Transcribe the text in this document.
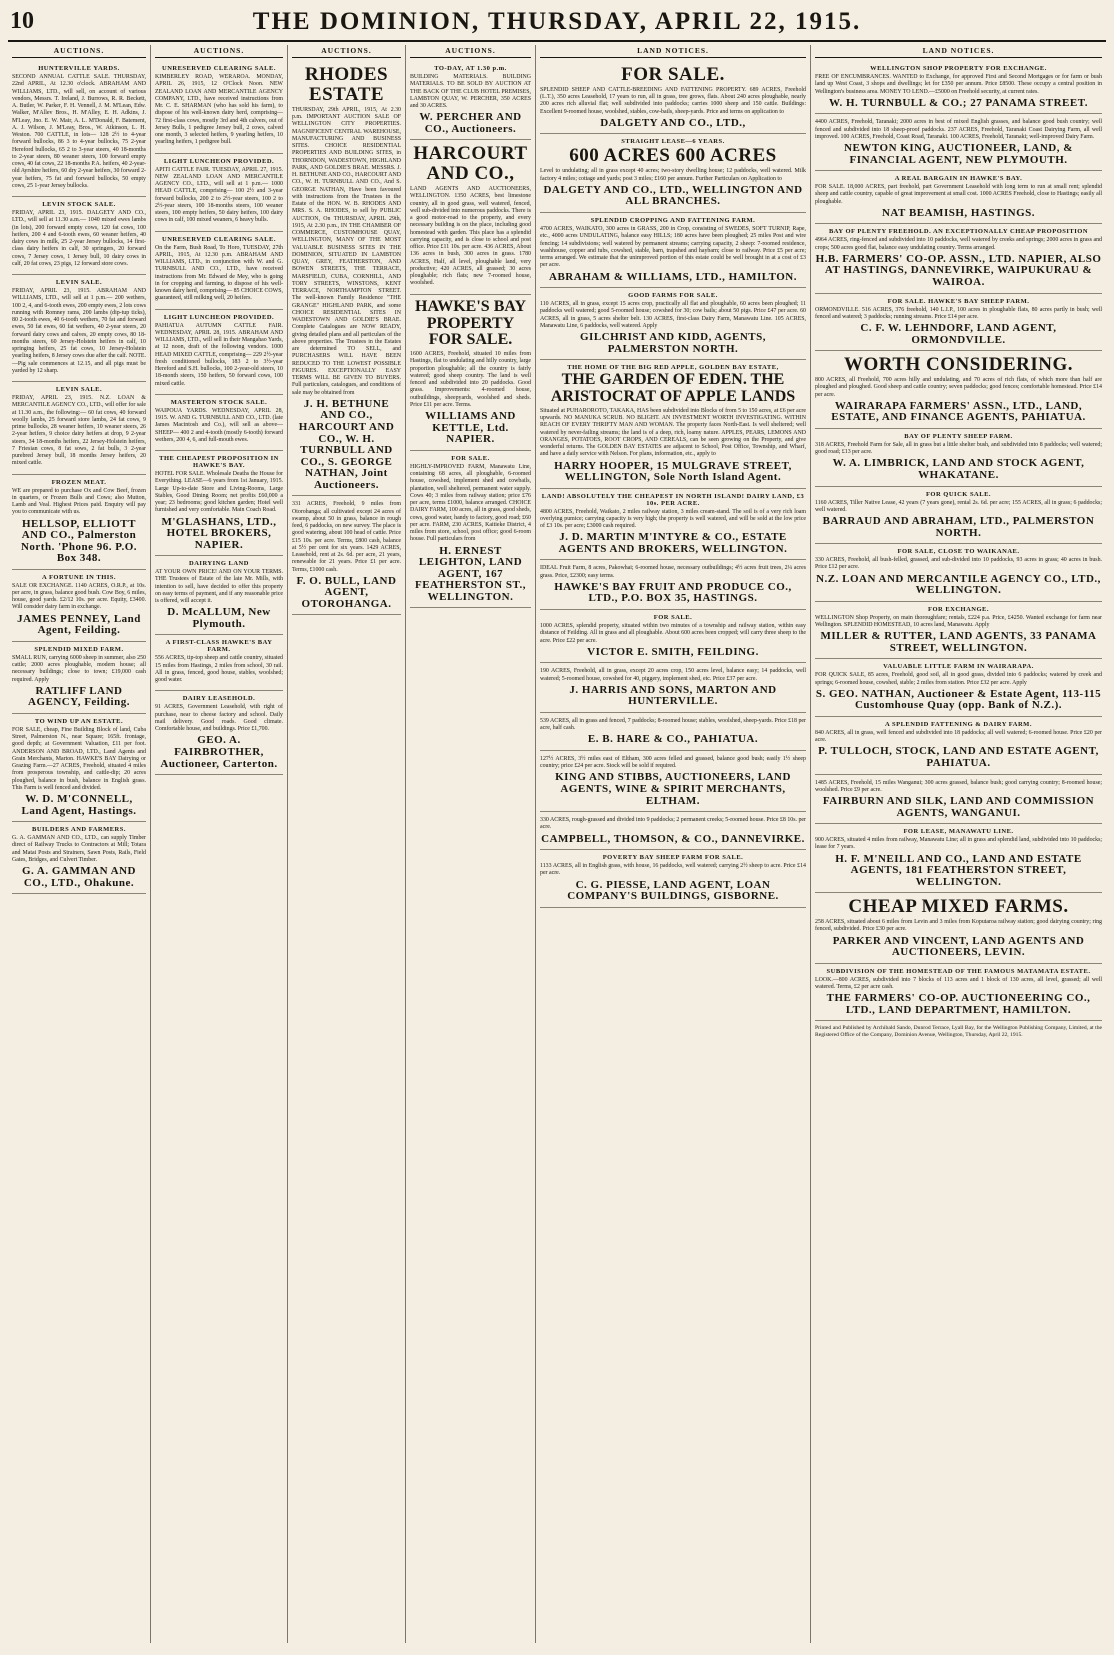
10	THE DOMINION, THURSDAY, APRIL 22, 1915.
AUCTIONS.
HUNTERVILLE YARDS.
SECOND ANNUAL CATTLE SALE. THURSDAY, 22nd APRIL, At 12.30 o'clock. ABRAHAM AND WILLIAMS, LTD., will sell, on account of various vendors, Messrs. T. Ireland, J. Burrows, R. R. Beckett, A. Butler, W. Parker, F. H. Vennell, J. M. M'Lean, Edw. Walker, M'Allev Bros., H. M'Alley, E. H. Adkins, J. M'Leay, Jno. E. W. Mair, A. L. M'Donald, F. Batement, A. J. Wilson, J. M'Leay, Bros., W. Atkinson, L. H. Weston. 700 CATTLE, in lots— 128 2½ to 4-year forward bullocks, 86 3 to 4-year bullocks, 75 2-year Hereford bullocks, 65 2 to 3-year steers, 40 18-months to 2-year steers, 80 weaner steers, 100 forward empty cows, 40 fat cows, 22 18-months P.A. heifers, 40 2-year-old Ayrshire heifers, 60 dry 2-year heifers, 30 forward 2-year heifers, 75 fat and forward bullocks, 50 empty cows, 25 1-year Jersey bullocks.
LEVIN STOCK SALE.
FRIDAY, APRIL 23, 1915. DALGETY AND CO., LTD., will sell at 11.30 a.m.— 1040 mixed ewes lambs (in lots), 200 forward empty cows, 120 fat cows, 100 heifers, 200 4 and 6-tooth ewes, 60 weaner heifers, 40 dairy cows in milk, 25 2-year Jersey bullocks, 14 first-class dairy heifers in calf, 30 springers, 20 forward cows, 7 Jersey cows, 1 Jersey bull, 10 dairy cows in calf, 20 fat cows, 23 pigs, 12 forward store cows.
LEVIN SALE.
FRIDAY, APRIL 23, 1915. ABRAHAM AND WILLIAMS, LTD., will sell at 1 p.m.— 200 wethers, 100 2, 4, and 6-tooth ewes, 200 empty ewes, 2 lots cows running with Romney rams, 200 lambs (dip-tup ticks), 80 2-tooth ewes, 40 6-tooth wethers, 70 fat and forward ewes, 50 fat ewes, 60 fat wethers, 40 2-year steers, 20 forward dairy cows and calves, 20 empty cows, 80 18-months steers, 60 Jersey-Holstein heifers in calf, 10 springing heifers, 25 fat cows, 10 Jersey-Holstein yearling heifers, 8 Jersey cows due after the calf. NOTE.—Pig sale commences at 12.15, and all pigs must be yarded by 12 sharp.
LEVIN SALE.
FRIDAY, APRIL 23, 1915. N.Z. LOAN & MERCANTILE AGENCY CO., LTD., will offer for sale at 11.30 a.m., the following:— 60 fat cows, 40 forward woolly lambs, 25 forward store lambs, 24 fat cows, 9 prime bullocks, 28 weaner heifers, 10 weaner steers, 26 2-year heifers, 9 choice dairy heifers at drop, 9 2-year steers, 34 18-months heifers, 22 Jersey-Holstein heifers, 7 Friesian cows, 8 fat sows, 2 fat bulls, 3 2-year purebred Jersey bull, 18 months Jersey heifers, 20 mixed cattle.
FROZEN MEAT.
WE are prepared to purchase Ox and Cow Beef, frozen in quarters, or Frozen Bulls and Cows; also Mutton, Lamb and Veal. Highest Prices paid. Enquiry will pay you to communicate with us.
HELLSOP, ELLIOTT AND CO., Palmerston North. 'Phone 96. P.O. Box 348.
A FORTUNE IN THIS.
SALE OR EXCHANGE. 1140 ACRES, O.R.P., at 10s. per acre, in grass, balance good bush. Cow Boy, 6 miles, house, good yards. £2/12 10s. per acre. Equity, £3400. Will consider dairy farm in exchange.
JAMES PENNEY, Land Agent, Feilding.
SPLENDID MIXED FARM.
SMALL RUN, carrying 6000 sheep in summer, also 250 cattle; 2000 acres ploughable, modern house; all necessary buildings; close to town; £19,000 cash required. Apply
RATLIFF LAND AGENCY, Feilding.
TO WIND UP AN ESTATE.
FOR SALE, cheap, Fine Building Block of land, Cuba Street, Palmerston N., near Square; 165ft. frontage, good depth; at Government Valuation, £11 per foot. ANDERSON AND BROAD, LTD., Land Agents and Grain Merchants, Marton. HAWKE'S BAY Dairying or Grazing Farm.—27 ACRES, Freehold, situated 4 miles from prosperous township, and cattle-dip; 20 acres ploughed, balance in bush, balance in English grass. This Farm is well fenced and divided.
W. D. M'CONNELL, Land Agent, Hastings.
BUILDERS AND FARMERS.
G. A. GAMMAN AND CO., LTD., can supply Timber direct of Railway Trucks to Contractors at Mill; Totara and Matai Posts and Strainers, Sawn Posts, Rails, Field Gates, Bridges, and Culvert Timber.
G. A. GAMMAN AND CO., LTD., Ohakune.
AUCTIONS.
UNRESERVED CLEARING SALE.
KIMBERLEY ROAD, WERAROA. MONDAY, APRIL 26, 1915, 12 O'Clock Noon. NEW ZEALAND LOAN AND MERCANTILE AGENCY COMPANY, LTD., have received instructions from Mr. C. E. SHARMAN (who has sold his farm), to dispose of his well-known dairy herd, comprising— 72 first-class cows, mostly 3rd and 4th calvers, out of Jersey Bulls, 1 pedigree Jersey bull, 2 cows, calved one month, 3 selected heifers, 9 yearling heifers, 10 yearling heifers, 1 pedigree bull.
LIGHT LUNCHEON PROVIDED.
APITI CATTLE FAIR. TUESDAY, APRIL 27, 1915. NEW ZEALAND LOAN AND MERCANTILE AGENCY CO., LTD., will sell at 1 p.m.— 1000 HEAD CATTLE, comprising— 100 2½ and 3-year forward bullocks, 200 2 to 2½-year steers, 100 2 to 2½-year steers, 100 18-months steers, 100 weaner steers, 100 empty heifers, 50 dairy heifers, 100 dairy cows in calf, 100 mixed weaners, 6 heavy bulls.
UNRESERVED CLEARING SALE.
On the Farm, Bush Road, To Horo, TUESDAY, 27th APRIL, 1915, At 12.30 p.m. ABRAHAM AND WILLIAMS, LTD., in conjunction with W. and G. TURNBULL AND CO., LTD., have received instructions from Mr. Edward de Mey, who is going in for cropping and farming, to dispose of his well-known dairy herd, comprising— 85 CHOICE COWS, guaranteed, still milking well, 20 heifers.
LIGHT LUNCHEON PROVIDED.
PAHIATUA AUTUMN CATTLE FAIR. WEDNESDAY, APRIL 28, 1915. ABRAHAM AND WILLIAMS, LTD., will sell in their Mangahao Yards, at 12 noon, draft of the following vendors. 1000 HEAD MIXED CATTLE, comprising— 229 2½-year fresh conditioned bullocks, 183 2 to 3½-year Hereford and S.H. bullocks, 100 2-year-old steers, 10 18-month steers, 150 heifers, 50 forward cows, 100 mixed cattle.
MASTERTON STOCK SALE.
WAIPOUA YARDS. WEDNESDAY, APRIL 28, 1915. W. AND G. TURNBULL AND CO., LTD. (late James Macintosh and Co.), will sell as above— SHEEP— 400 2 and 4-tooth (mostly 6-tooth) forward wethers, 200 4, 6, and full-mouth ewes.
THE CHEAPEST PROPOSITION IN HAWKE'S BAY.
HOTEL FOR SALE. Wholesale Deaths the House for Everything. LEASE—6 years from 1st January, 1915. Large Up-to-date Store and Living-Rooms, Large Stables, Good Dining Room; net profits £60,000 a year; 23 bedrooms; good kitchen garden; Hotel well furnished and very comfortable. Main Coach Road.
M'GLASHANS, LTD., HOTEL BROKERS, NAPIER.
DAIRYING LAND
AT YOUR OWN PRICE! AND ON YOUR TERMS. THE Trustees of Estate of the late Mr. Mills, with intention to sell, have decided to offer this property on easy terms of payment, and if any reasonable price is offered, will accept it.
D. McALLUM, New Plymouth.
A FIRST-CLASS HAWKE'S BAY FARM.
556 ACRES, tip-top sheep and cattle country, situated 15 miles from Hastings, 2 miles from school, 30 rail. All in grass, fenced, good house, stables, woolshed; good water.
DAIRY LEASEHOLD.
91 ACRES, Government Leasehold, with right of purchase, near to cheese factory and school. Daily mail delivery. Good roads. Good climate. Comfortable house, and buildings. Price £1,700.
GEO. A. FAIRBROTHER, Auctioneer, Carterton.
AUCTIONS.
RHODES ESTATE
THURSDAY, 29th APRIL, 1915, At 2.30 p.m. IMPORTANT AUCTION SALE OF WELLINGTON CITY PROPERTIES. MAGNIFICENT CENTRAL WAREHOUSE, MANUFACTURING AND BUSINESS SITES. CHOICE RESIDENTIAL PROPERTIES AND BUILDING SITES, in THORNDON, WADESTOWN, HIGHLAND PARK, AND GOLDIE'S BRAE. MESSRS. J. H. BETHUNE AND CO., HARCOURT AND CO., W. H. TURNBULL AND CO., And S. GEORGE NATHAN, Have been favoured with instructions from the Trustees in the Estate of the HON. W. B. RHODES AND MRS. S. A. RHODES, to sell by PUBLIC AUCTION, On THURSDAY, APRIL 29th, 1915, At 2.30 p.m., IN THE CHAMBER OF COMMERCE, CUSTOMHOUSE QUAY, WELLINGTON, MANY OF THE MOST VALUABLE BUSINESS SITES IN THE DOMINION, SITUATED IN LAMBTON QUAY, GREY, FEATHERSTON, AND BOWEN STREETS, THE TERRACE, MARSFIELD, CUBA, CORNHILL, AND TORY STREETS, WINSTONS, KENT TERRACE, NORTHAMPTON STREET. The well-known Family Residence "THE GRANGE" HIGHLAND PARK, and some CHOICE RESIDENTIAL SITES IN WADESTOWN AND GOLDIE'S BRAE. Complete Catalogues are NOW READY, giving detailed plans and all particulars of the above properties. The Trustees in the Estates are determined TO SELL, and PURCHASERS WILL HAVE BEEN REDUCED TO THE LOWEST POSSIBLE FIGURES. EXCEPTIONALLY EASY TERMS WILL BE GIVEN TO BUYERS. Full particulars, catalogues, and conditions of sale may be obtained from
J. H. BETHUNE AND CO., HARCOURT AND CO., W. H. TURNBULL AND CO., S. GEORGE NATHAN, Joint Auctioneers.
331 ACRES, Freehold, 9 miles from Otorohanga; all cultivated except 24 acres of swamp, about 50 in grass, balance in rough feed, 6 paddocks, on new survey. The place is good watering, about 100 head of cattle. Price £15 10s. per acre. Terms, £800 cash, balance at 5½ per cent for six years. 1429 ACRES, Leasehold, rent at 2s. 6d. per acre, 21 years, renewable for 21 years. Price £1 per acre. Terms, £1000 cash.
F. O. BULL, LAND AGENT, OTOROHANGA.
AUCTIONS.
TO-DAY, AT 1.30 p.m.
BUILDING MATERIALS. BUILDING MATERIALS. TO BE SOLD BY AUCTION AT THE BACK OF THE CLUB HOTEL PREMISES, LAMBTON QUAY, W. PERCHER, 350 ACRES and 30 ACRES.
W. PERCHER AND CO., Auctioneers.
HARCOURT AND CO.,
LAND AGENTS AND AUCTIONEERS, WELLINGTON. 1350 ACRES, best limestone country, all in good grass, well watered, fenced, well sub-divided into numerous paddocks. There is a good motor-road to the property, and every necessary building is on the place, including good homestead with garden. This place has a splendid carrying capacity, and is close to school and post office. Price £11 10s. per acre. 436 ACRES, About 136 acres in bush, 300 acres in grass. 1780 ACRES, Half, all level, ploughable land, very productive; 420 ACRES, all grassed; 30 acres ploughable; rich flats; new 7-roomed house, woolshed.
HAWKE'S BAY PROPERTY FOR SALE.
1600 ACRES, Freehold, situated 10 miles from Hastings, flat to undulating and hilly country, large proportion ploughable; all the country is fairly watered; good sheep country. The land is well fenced and subdivided into 20 paddocks. Good grass. Improvements: 4-roomed house, outbuildings, sheepyards, woolshed and sheds. Price £11 per acre. Terms.
WILLIAMS AND KETTLE, Ltd. NAPIER.
FOR SALE.
HIGHLY-IMPROVED FARM, Manawatu Line, containing 68 acres, all ploughable, 6-roomed house, cowshed, implement shed and cowbails, plantation, well sheltered, permanent water supply. Cows 40; 3 miles from railway station; price £76 per acre, terms £1000, balance arranged. CHOICE DAIRY FARM, 100 acres, all in grass, good sheds, cows, good water, handy to factory, good road; £60 per acre. FARM, 230 ACRES, Kaitieke District, 4 miles from store, school, post office; good 6-room house. Full particulars from
H. ERNEST LEIGHTON, LAND AGENT, 167 FEATHERSTON ST., WELLINGTON.
LAND NOTICES.
FOR SALE.
SPLENDID SHEEP AND CATTLE-BREEDING AND FATTENING PROPERTY. 689 ACRES, Freehold (L.T.), 350 acres Leasehold, 17 years to run, all in grass, tree grows, flats. About 240 acres ploughable, nearly 200 acres rich alluvial flat; well subdivided into paddocks; carries 1000 sheep and 150 cattle. Buildings: Excellent 9-roomed house, woolshed, stables, cow-bails, sheep-yards. Price and terms on application to
DALGETY AND CO., LTD.,
STRAIGHT LEASE—6 YEARS.
600 ACRES 600 ACRES
Level to undulating; all in grass except 40 acres; two-story dwelling house; 12 paddocks, well watered. Milk factory 4 miles; cottage and yards; post 3 miles; £160 per annum. Further Particulars on Application to
DALGETY AND CO., LTD., WELLINGTON AND ALL BRANCHES.
SPLENDID CROPPING AND FATTENING FARM.
4700 ACRES, WAIKATO, 300 acres in GRASS, 200 in Crop, consisting of SWEDES, SOFT TURNIP, Rape, etc., 4000 acres UNDULATING, balance easy HILLS; 180 acres have been ploughed; 25 miles Post and wire fencing; 14 subdivisions; well watered by permanent streams; carrying capacity, 2 sheep: 7-roomed residence, washhouse, copper and tubs, cowshed, stable, barn, trapshed and haybarn; close to railway. Price £5 per acre; terms arranged. We estimate that the unimproved portion of this estate could be well brought in at a cost of £3 per acre.
ABRAHAM & WILLIAMS, LTD., HAMILTON.
GOOD FARMS FOR SALE.
110 ACRES, all in grass, except 15 acres crop, practically all flat and ploughable, 60 acres been ploughed; 11 paddocks well watered; good 5-roomed house; cowshed for 30; cow bails; about 50 pigs. Price £47 per acre. 60 ACRES, all in grass, 5 acres shelter belt. 130 ACRES, first-class Dairy Farm, Manawatu Line. 105 ACRES, Manawatu Line, 6 paddocks, well watered. Apply
GILCHRIST AND KIDD, AGENTS, PALMERSTON NORTH.
THE HOME OF THE BIG RED APPLE, GOLDEN BAY ESTATE,
THE GARDEN OF EDEN. THE ARISTOCRAT OF APPLE LANDS
Situated at PUHAROROTO, TAKAKA, HAS been subdivided into Blocks of from 5 to 150 acres, at £6 per acre upwards. NO MANUKA SCRUB. NO BLIGHT. AN INVESTMENT WORTH INVESTIGATING. WITHIN REACH OF EVERY THRIFTY MAN AND WOMAN. The property faces North-East. Is well sheltered; well watered by never-failing streams; the land is of a deep, rich, loamy nature. APPLES, PEARS, LEMONS AND ORANGES, POTATOES, ROOT CROPS, AND CEREALS, can be seen growing on the Property, and give wonderful returns. The GOLDEN BAY ESTATES are adjacent to School, Post Office, Township, and Wharf, and have a daily service with Nelson. For plans, information, etc., apply to
HARRY HOOPER, 15 MULGRAVE STREET, WELLINGTON, Sole North Island Agent.
LAND! ABSOLUTELY THE CHEAPEST IN NORTH ISLAND! DAIRY LAND, £3 10s. PER ACRE.
4800 ACRES, Freehold, Waikato, 2 miles railway station, 3 miles cream-stand. The soil is of a very rich loam overlying pumice; carrying capacity is very high; the property is well watered, and will be sold at the low price of £3 10s. per acre; £3000 cash required.
J. D. MARTIN M'INTYRE & CO., ESTATE AGENTS AND BROKERS, WELLINGTON.
IDEAL Fruit Farm, 8 acres, Pakowhai; 6-roomed house, necessary outbuildings; 4½ acres fruit trees, 2¼ acres grass. Price, £2300; easy terms.
HAWKE'S BAY FRUIT AND PRODUCE CO., LTD., P.O. BOX 35, HASTINGS.
FOR SALE.
1000 ACRES, splendid property, situated within two minutes of a township and railway station, within easy distance of Feilding. All in grass and all ploughable. About 600 acres been cropped; will carry three sheep to the acre. Price £22 per acre.
VICTOR E. SMITH, FEILDING.
190 ACRES, Freehold, all in grass, except 20 acres crop, 150 acres level, balance easy; 14 paddocks, well watered; 5-roomed house, cowshed for 40, piggery, implement shed, etc. Price £37 per acre.
J. HARRIS AND SONS, MARTON AND HUNTERVILLE.
539 ACRES, all in grass and fenced, 7 paddocks; 8-roomed house; stables, woolshed, sheep-yards. Price £18 per acre, half cash.
E. B. HARE & CO., PAHIATUA.
127½ ACRES, 3½ miles east of Eltham, 300 acres felled and grassed, balance good bush; easily 1½ sheep country; price £24 per acre. Stock will be sold if required.
KING AND STIBBS, AUCTIONEERS, LAND AGENTS, WINE & SPIRIT MERCHANTS, ELTHAM.
330 ACRES, rough-grassed and divided into 9 paddocks; 2 permanent creeks; 5-roomed house. Price £8 10s. per acre.
CAMPBELL, THOMSON, & CO., DANNEVIRKE.
POVERTY BAY SHEEP FARM FOR SALE.
1133 ACRES, all in English grass, with house, 16 paddocks, well watered; carrying 2½ sheep to acre. Price £14 per acre.
C. G. PIESSE, LAND AGENT, LOAN COMPANY'S BUILDINGS, GISBORNE.
LAND NOTICES.
WELLINGTON SHOP PROPERTY FOR EXCHANGE.
FREE OF ENCUMBRANCES. WANTED to Exchange, for approved First and Second Mortgages or for farm or bush land up West Coast, 3 shops and dwellings; let for £350 per annum. Price £8500. These occupy a central position in Wellington's business area. MONEY TO LEND.—£5000 on Freehold security, at current rates.
W. H. TURNBULL & CO.; 27 PANAMA STREET.
4400 ACRES, Freehold, Taranaki; 2000 acres in best of mixed English grasses, and balance good bush country; well fenced and subdivided into 18 sheep-proof paddocks. 237 ACRES, Freehold, Taranaki Coast Dairying Farm, all well improved. 100 ACRES, Freehold, Coast Road, Taranaki. 100 ACRES, Freehold, Taranaki; well-improved Dairy Farm.
NEWTON KING, AUCTIONEER, LAND, & FINANCIAL AGENT, NEW PLYMOUTH.
A REAL BARGAIN IN HAWKE'S BAY.
FOR SALE. 18,000 ACRES, part freehold, part Government Leasehold with long term to run at small rent; splendid sheep and cattle country, capable of great improvement at small cost. 1000 ACRES Freehold, close to Hastings; easily all ploughable.
NAT BEAMISH, HASTINGS.
BAY OF PLENTY FREEHOLD. AN EXCEPTIONALLY CHEAP PROPOSITION
4964 ACRES, ring-fenced and subdivided into 10 paddocks, well watered by creeks and springs; 2000 acres in grass and crops; 500 acres good flat, balance easy undulating country. Terms arranged.
H.B. FARMERS' CO-OP. ASSN., LTD. NAPIER, ALSO AT HASTINGS, DANNEVIRKE, WAIPUKURAU & WAIROA.
FOR SALE. HAWKE'S BAY SHEEP FARM.
ORMONDVILLE. 516 ACRES, 376 freehold, 140 L.I.P., 100 acres in ploughable flats, 80 acres partly in bush; well fenced and watered; 3 paddocks; running streams. Price £14 per acre.
C. F. W. LEHNDORF, LAND AGENT, ORMONDVILLE.
WORTH CONSIDERING.
800 ACRES, all Freehold, 700 acres hilly and undulating, and 70 acres of rich flats, of which more than half are ploughed and ploughed. Good sheep and cattle country; seven paddocks; good fences; comfortable homestead. Price £14 per acre.
WAIRARAPA FARMERS' ASSN., LTD., LAND, ESTATE, AND FINANCE AGENTS, PAHIATUA.
BAY OF PLENTY SHEEP FARM.
318 ACRES, Freehold Farm for Sale, all in grass but a little shelter bush, and subdivided into 8 paddocks; well watered; good road; £13 per acre.
W. A. LIMBRICK, LAND AND STOCK AGENT, WHAKATANE.
FOR QUICK SALE.
1160 ACRES, Tiller Native Lease, 42 years (7 years gone), rental 2s. 6d. per acre; 155 ACRES, all in grass; 6 paddocks; well watered.
BARRAUD AND ABRAHAM, LTD., PALMERSTON NORTH.
FOR SALE, CLOSE TO WAIKANAE.
330 ACRES, Freehold, all bush-felled, grassed, and sub-divided into 10 paddocks, 93 acres in grass; 40 acres in bush. Price £12 per acre.
N.Z. LOAN AND MERCANTILE AGENCY CO., LTD., WELLINGTON.
FOR EXCHANGE.
WELLINGTON Shop Property, on main thoroughfare; rentals, £224 p.a. Price, £4250. Wanted exchange for farm near Wellington. SPLENDID HOMESTEAD, 10 acres land, Manawatu. Apply
MILLER & RUTTER, LAND AGENTS, 33 PANAMA STREET, WELLINGTON.
VALUABLE LITTLE FARM IN WAIRARAPA.
FOR QUICK SALE, 85 acres, Freehold, good soil, all in good grass, divided into 6 paddocks; watered by creek and springs; 6-roomed house, cowshed, stable; 2 miles from station. Price £32 per acre. Apply
S. GEO. NATHAN, Auctioneer & Estate Agent, 113-115 Customhouse Quay (opp. Bank of N.Z.).
A SPLENDID FATTENING & DAIRY FARM.
840 ACRES, all in grass, well fenced and subdivided into 18 paddocks; all well watered; 6-roomed house. Price £20 per acre.
P. TULLOCH, STOCK, LAND AND ESTATE AGENT, PAHIATUA.
1485 ACRES, Freehold, 15 miles Wanganui; 300 acres grassed, balance bush; good carrying country; 8-roomed house; woolshed. Price £9 per acre.
FAIRBURN AND SILK, LAND AND COMMISSION AGENTS, WANGANUI.
FOR LEASE, MANAWATU LINE.
900 ACRES, situated 4 miles from railway, Manawatu Line; all in grass and splendid land, subdivided into 10 paddocks; lease for 7 years.
H. F. M'NEILL AND CO., LAND AND ESTATE AGENTS, 181 FEATHERSTON STREET, WELLINGTON.
CHEAP MIXED FARMS.
258 ACRES, situated about 6 miles from Levin and 3 miles from Koputaroa railway station; good dairying country; ring fenced, subdivided. Price £30 per acre.
PARKER AND VINCENT, LAND AGENTS AND AUCTIONEERS, LEVIN.
SUBDIVISION OF THE HOMESTEAD OF THE FAMOUS MATAMATA ESTATE.
LOOK.—800 ACRES, subdivided into 7 blocks of 113 acres and 1 block of 130 acres, all level, grassed; all well watered. Terms, £2 per acre cash.
THE FARMERS' CO-OP. AUCTIONEERING CO., LTD., LAND DEPARTMENT, HAMILTON.
Printed and Published by Archibald Sando, Dunrod Terrace, Lyall Bay, for the Wellington Publishing Company, Limited, at the Registered Office of the Company, Dominion Avenue, Wellington, Thursday, April 22, 1915.
